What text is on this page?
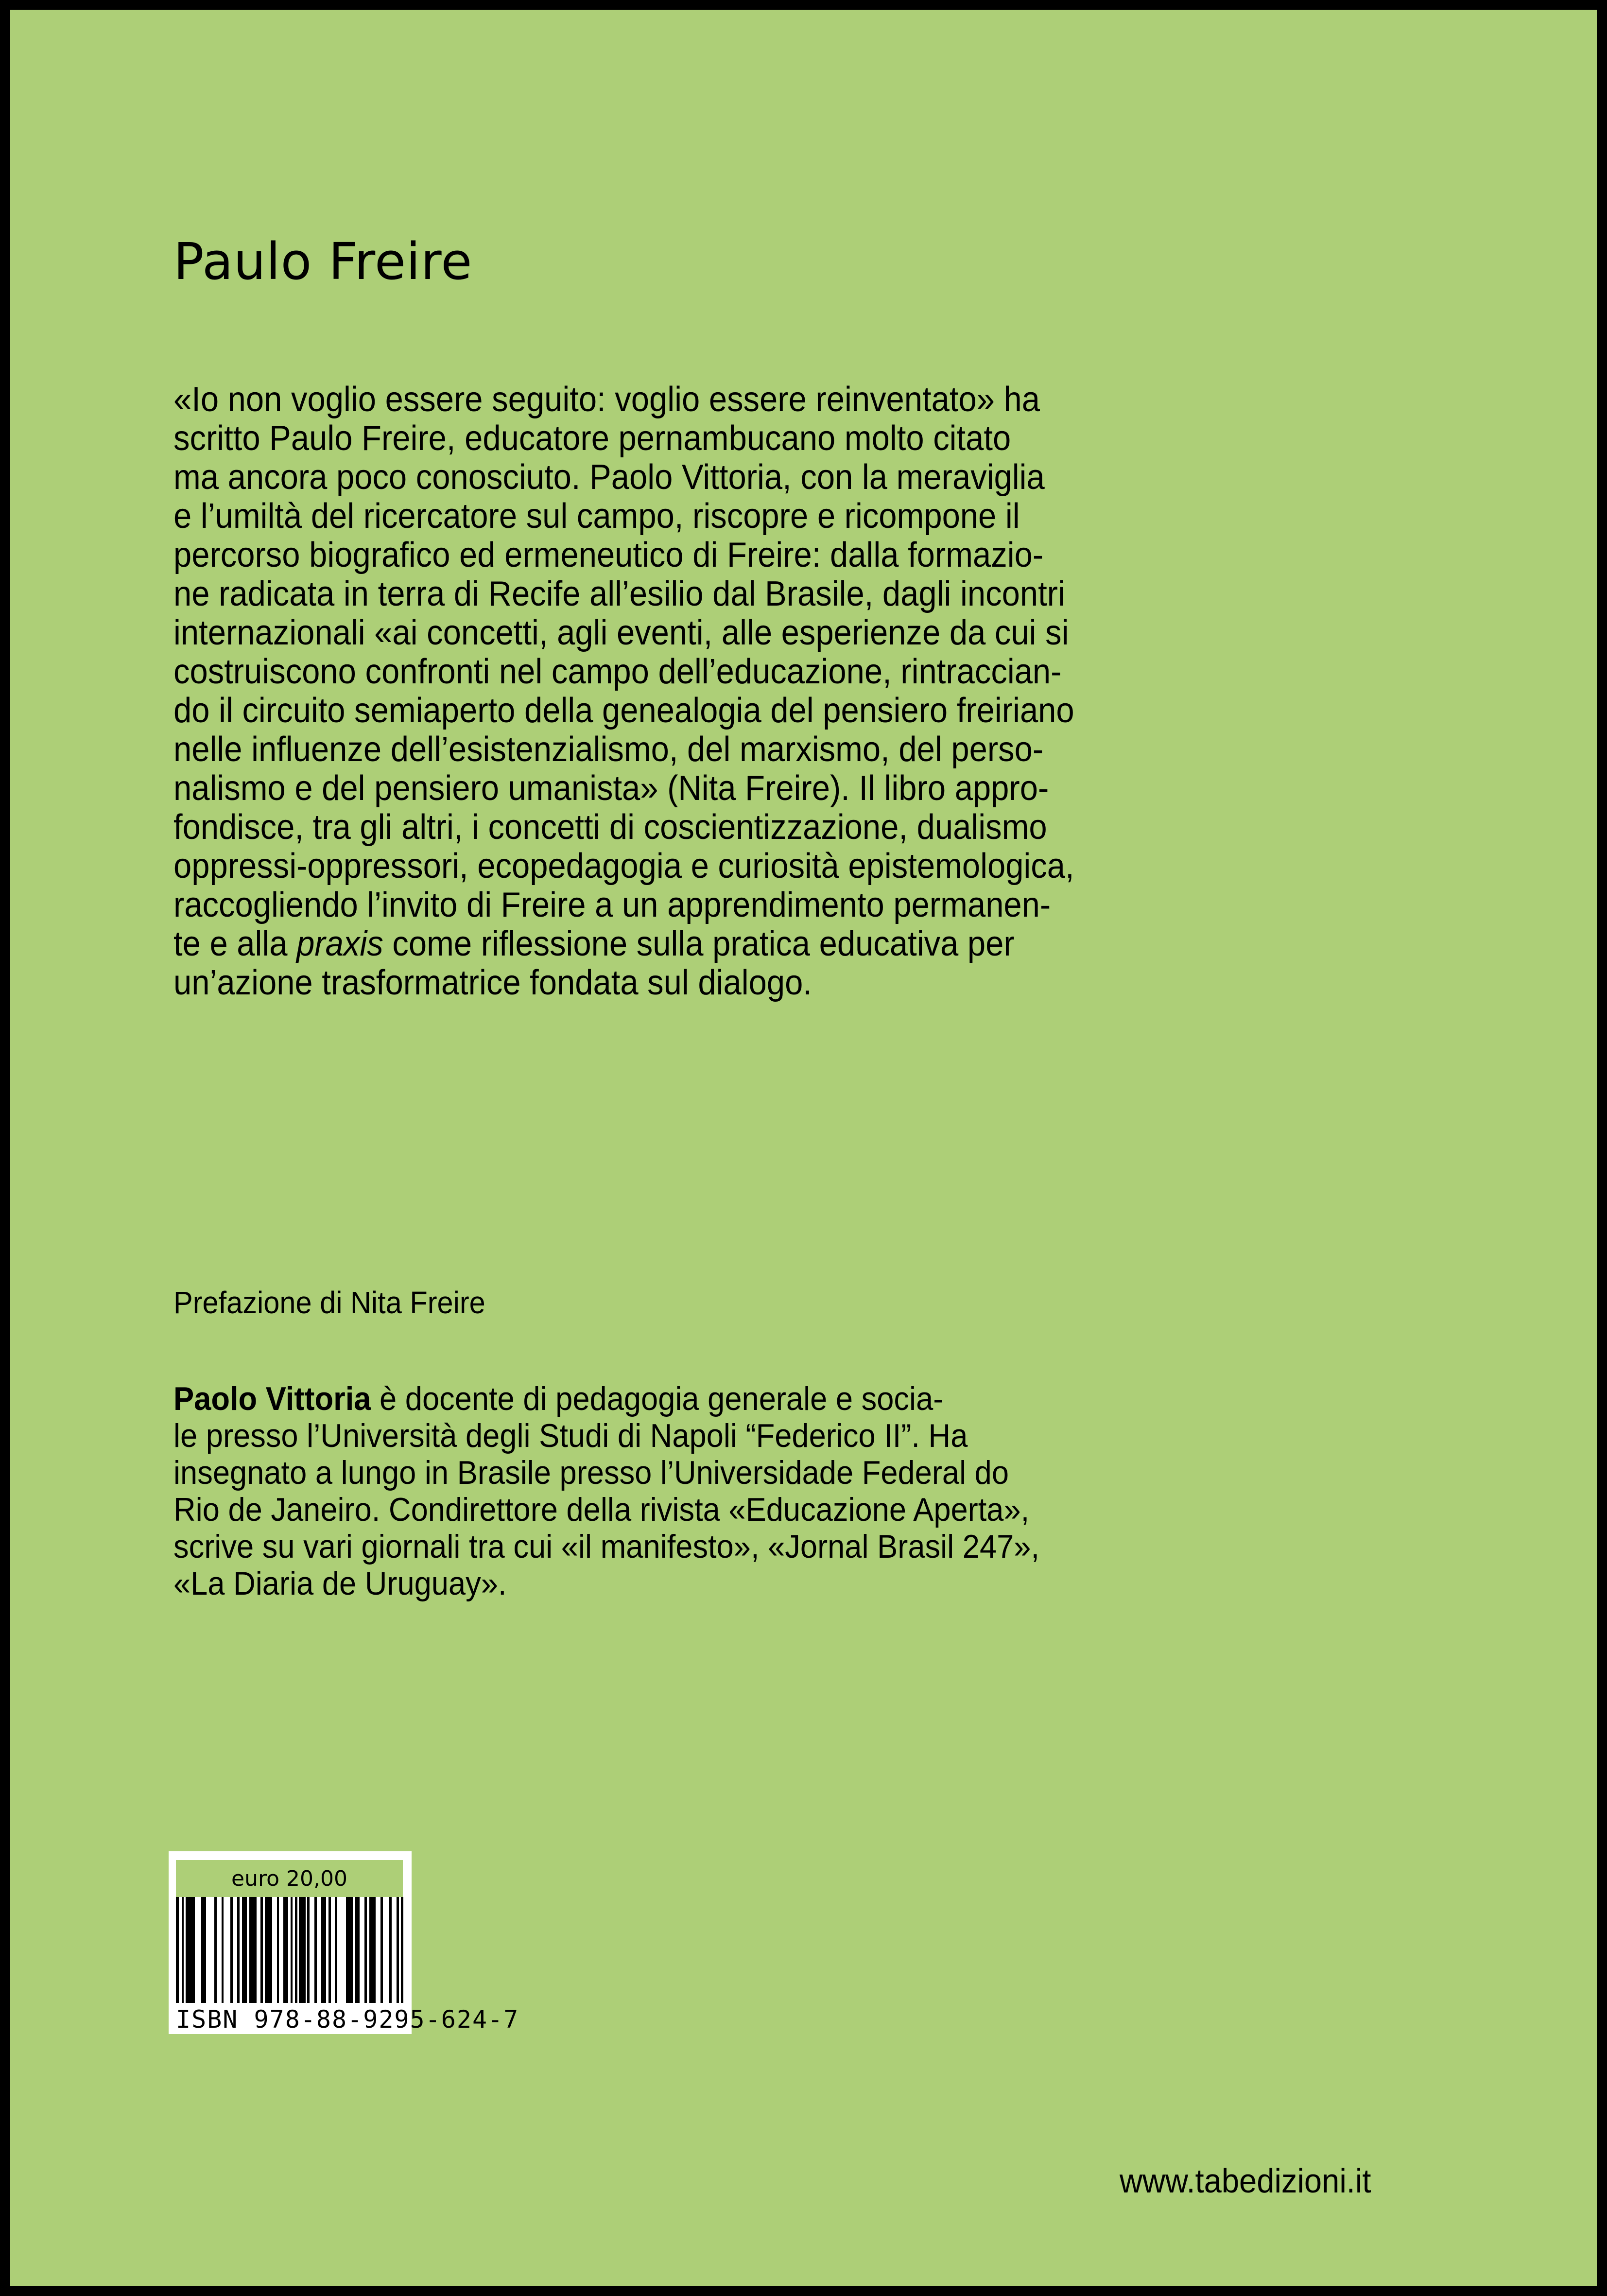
Paulo Freire
«Io non voglio essere seguito: voglio essere reinventato» ha
scritto Paulo Freire, educatore pernambucano molto citato
ma ancora poco conosciuto. Paolo Vittoria, con la meraviglia
e l’umiltà del ricercatore sul campo, riscopre e ricompone il
percorso biografico ed ermeneutico di Freire: dalla formazio-
ne radicata in terra di Recife all’esilio dal Brasile, dagli incontri
internazionali «ai concetti, agli eventi, alle esperienze da cui si
costruiscono confronti nel campo dell’educazione, rintraccian-
do il circuito semiaperto della genealogia del pensiero freiriano
nelle influenze dell’esistenzialismo, del marxismo, del perso-
nalismo e del pensiero umanista» (Nita Freire). Il libro appro-
fondisce, tra gli altri, i concetti di coscientizzazione, dualismo
oppressi-oppressori, ecopedagogia e curiosità epistemologica,
raccogliendo l’invito di Freire a un apprendimento permanen-
te e alla praxis come riflessione sulla pratica educativa per
un’azione trasformatrice fondata sul dialogo.

Prefazione di Nita Freire

Paolo Vittoria è docente di pedagogia generale e socia-
le presso l’Università degli Studi di Napoli “Federico II”. Ha
insegnato a lungo in Brasile presso l’Universidade Federal do
Rio de Janeiro. Condirettore della rivista «Educazione Aperta»,
scrive su vari giornali tra cui «il manifesto», «Jornal Brasil 247»,
«La Diaria de Uruguay».
euro 20,00
ISBN 978-88-9295-624-7
www.tabedizioni.it
